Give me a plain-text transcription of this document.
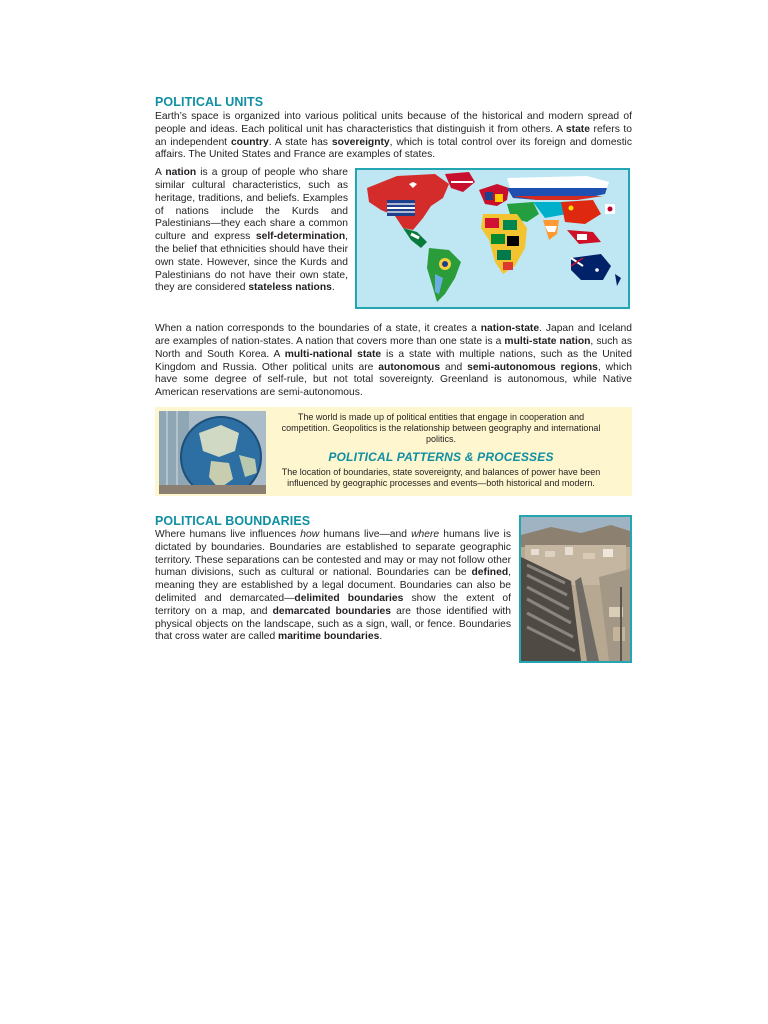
POLITICAL UNITS

Earth’s space is organized into various political units because of the historical and modern spread of people and ideas. Each political unit has characteristics that distinguish it from others. A state refers to an independent country. A state has sovereignty, which is total control over its foreign and domestic affairs. The United States and France are examples of states.

A nation is a group of people who share similar cultural characteristics, such as heritage, traditions, and beliefs. Examples of nations include the Kurds and Palestinians—they each share a common culture and express self-determination, the belief that ethnicities should have their own state. However, since the Kurds and Palestinians do not have their own state, they are considered stateless nations.

When a nation corresponds to the boundaries of a state, it creates a nation-state. Japan and Iceland are examples of nation-states. A nation that covers more than one state is a multi-state nation, such as North and South Korea. A multi-national state is a state with multiple nations, such as the United Kingdom and Russia. Other political units are autonomous and semi-autonomous regions, which have some degree of self-rule, but not total sovereignty. Greenland is autonomous, while Native American reservations are semi-autonomous.

The world is made up of political entities that engage in cooperation and competition. Geopolitics is the relationship between geography and international politics.

POLITICAL PATTERNS & PROCESSES

The location of boundaries, state sovereignty, and balances of power have been influenced by geographic processes and events—both historical and modern.

POLITICAL BOUNDARIES

Where humans live influences how humans live—and where humans live is dictated by boundaries. Boundaries are established to separate geographic territory. These separations can be contested and may or may not follow other human divisions, such as cultural or national. Boundaries can be defined, meaning they are established by a legal document. Boundaries can also be delimited and demarcated—delimited boundaries show the extent of territory on a map, and demarcated boundaries are those identified with physical objects on the landscape, such as a sign, wall, or fence. Boundaries that cross water are called maritime boundaries.
